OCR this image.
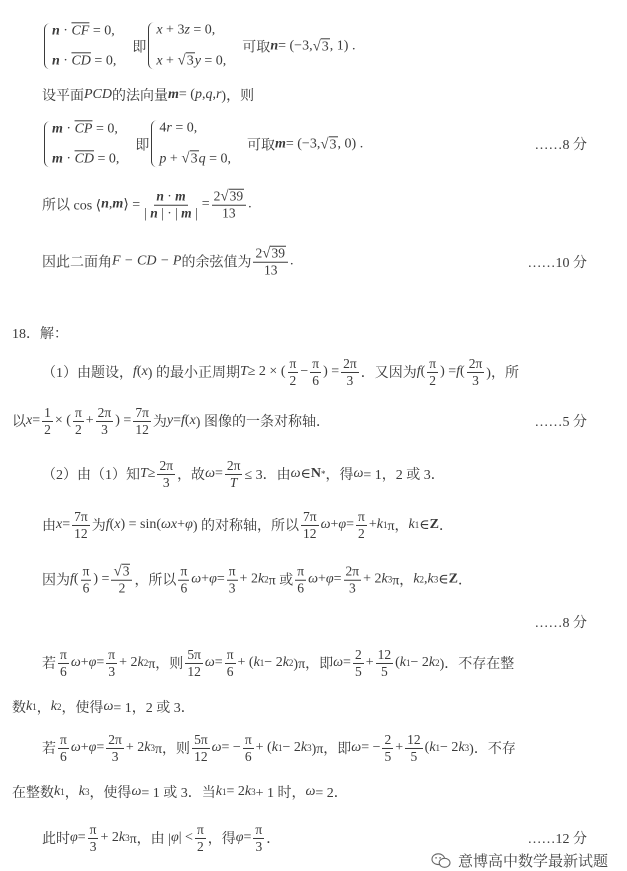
$n \cdot \overline{CF} = 0$,
$n \cdot \overline{CD} = 0$,
　即
x + 3z = 0,
x + √ 3 y = 0,
　可取 n = (−3, √ 3 , 1) .
设平面 PCD 的法向量 m = ( p , q , r )，则
$m \cdot \overline{CP} = 0$,
$m \cdot \overline{CD} = 0$,
　即
4r = 0,
p + √ 3 q = 0,
　可取 m = (−3, √ 3 , 0) .	……8 分
所以 cos ⟨ n , m ⟩ = $\frac{n \cdot m}{| n | \cdot | m |} = \frac{2 √ 39}{13}$ .
因此二面角 F − CD − P 的余弦值为 $\frac{2 √ 39}{13}$ .	……10 分
18．解：
（1）由题设， f ( x ) 的最小正周期 T ≥ 2 × ( $\frac{\pi}{2} - \frac{\pi}{6}$ ) = $\frac{2\pi}{3}$ ．又因为 f ( $\frac{\pi}{2}$ ) = f ( $\frac{2\pi}{3}$ )，所
以 $x = \frac{1}{2}$ × ( $\frac{\pi}{2} + \frac{2\pi}{3}$ ) = $\frac{7\pi}{12}$ 为 y = f ( x ) 图像的一条对称轴．	……5 分
（2）由（1）知 $T \ge \frac{2\pi}{3}$ ，故 $\omega = \frac{2\pi}{T} \le 3$．由 ω ∈ N * ，得 ω = 1，2 或 3．
由 $x = \frac{7\pi}{12}$ 为 f ( x ) = sin( ωx + φ ) 的对称轴，所以 $\frac{7\pi}{12}$ $\omega + \varphi = \frac{\pi}{2} + k$ 1 π， k 1 ∈ Z ．
因为 f ( $\frac{\pi}{6}$ ) = $\frac{√ 3}{2}$ ，所以 $\frac{\pi}{6}$ $\omega + \varphi = \frac{\pi}{3} + 2$ k 2 π 或 $\frac{\pi}{6}$ $\omega + \varphi = \frac{2\pi}{3} + 2$ k 3 π， k 2 , k 3 ∈ Z ．
……8 分
若 $\frac{\pi}{6}$ $\omega + \varphi = \frac{\pi}{3} + 2$ k 2 π，则 $\frac{5\pi}{12}$ $\omega = \frac{\pi}{6}$ + ( k 1 − 2 k 2 )π，即 $\omega = \frac{2}{5} + \frac{12}{5}$ ( k 1 − 2 k 2 )．不存在整
数 k 1 ， k 2 ，使得 ω = 1，2 或 3．
若 $\frac{\pi}{6}$ $\omega + \varphi = \frac{2\pi}{3} + 2$ k 3 π，则 $\frac{5\pi}{12}$ ω = − $\frac{\pi}{6}$ + ( k 1 − 2 k 3 )π，即 ω = − $\frac{2}{5} + \frac{12}{5}$ ( k 1 − 2 k 3 )．不存
在整数 k 1 ， k 3 ，使得 ω = 1 或 3．当 k 1 = 2 k 3 + 1 时， ω = 2．
此时 $\varphi = \frac{\pi}{3} + 2$ k 3 π，由 | φ | < $\frac{\pi}{2}$ ，得 $\varphi = \frac{\pi}{3}$ ．	……12 分
意博高中数学最新试题
